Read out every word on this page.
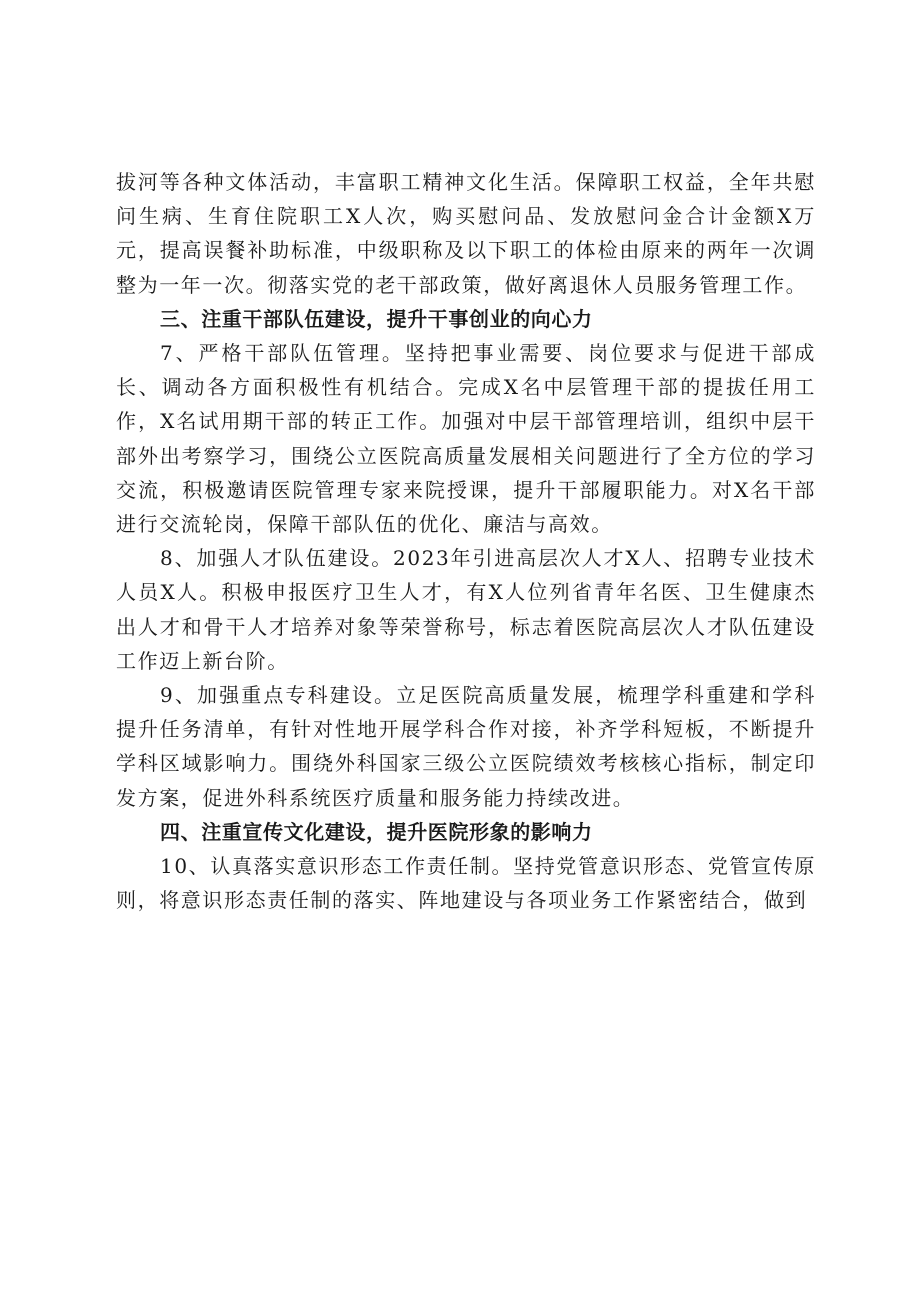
拔河等各种文体活动，丰富职工精神文化生活。保障职工权益，全年共慰问生病、生育住院职工X人次，购买慰问品、发放慰问金合计金额X万元，提高误餐补助标准，中级职称及以下职工的体检由原来的两年一次调整为一年一次。彻落实党的老干部政策，做好离退休人员服务管理工作。

三、注重干部队伍建设，提升干事创业的向心力

7、严格干部队伍管理。坚持把事业需要、岗位要求与促进干部成长、调动各方面积极性有机结合。完成X名中层管理干部的提拔任用工作，X名试用期干部的转正工作。加强对中层干部管理培训，组织中层干部外出考察学习，围绕公立医院高质量发展相关问题进行了全方位的学习交流，积极邀请医院管理专家来院授课，提升干部履职能力。对X名干部进行交流轮岗，保障干部队伍的优化、廉洁与高效。

8、加强人才队伍建设。2023年引进高层次人才X人、招聘专业技术人员X人。积极申报医疗卫生人才，有X人位列省青年名医、卫生健康杰出人才和骨干人才培养对象等荣誉称号，标志着医院高层次人才队伍建设工作迈上新台阶。

9、加强重点专科建设。立足医院高质量发展，梳理学科重建和学科提升任务清单，有针对性地开展学科合作对接，补齐学科短板，不断提升学科区域影响力。围绕外科国家三级公立医院绩效考核核心指标，制定印发方案，促进外科系统医疗质量和服务能力持续改进。

四、注重宣传文化建设，提升医院形象的影响力

10、认真落实意识形态工作责任制。坚持党管意识形态、党管宣传原则，将意识形态责任制的落实、阵地建设与各项业务工作紧密结合，做到
